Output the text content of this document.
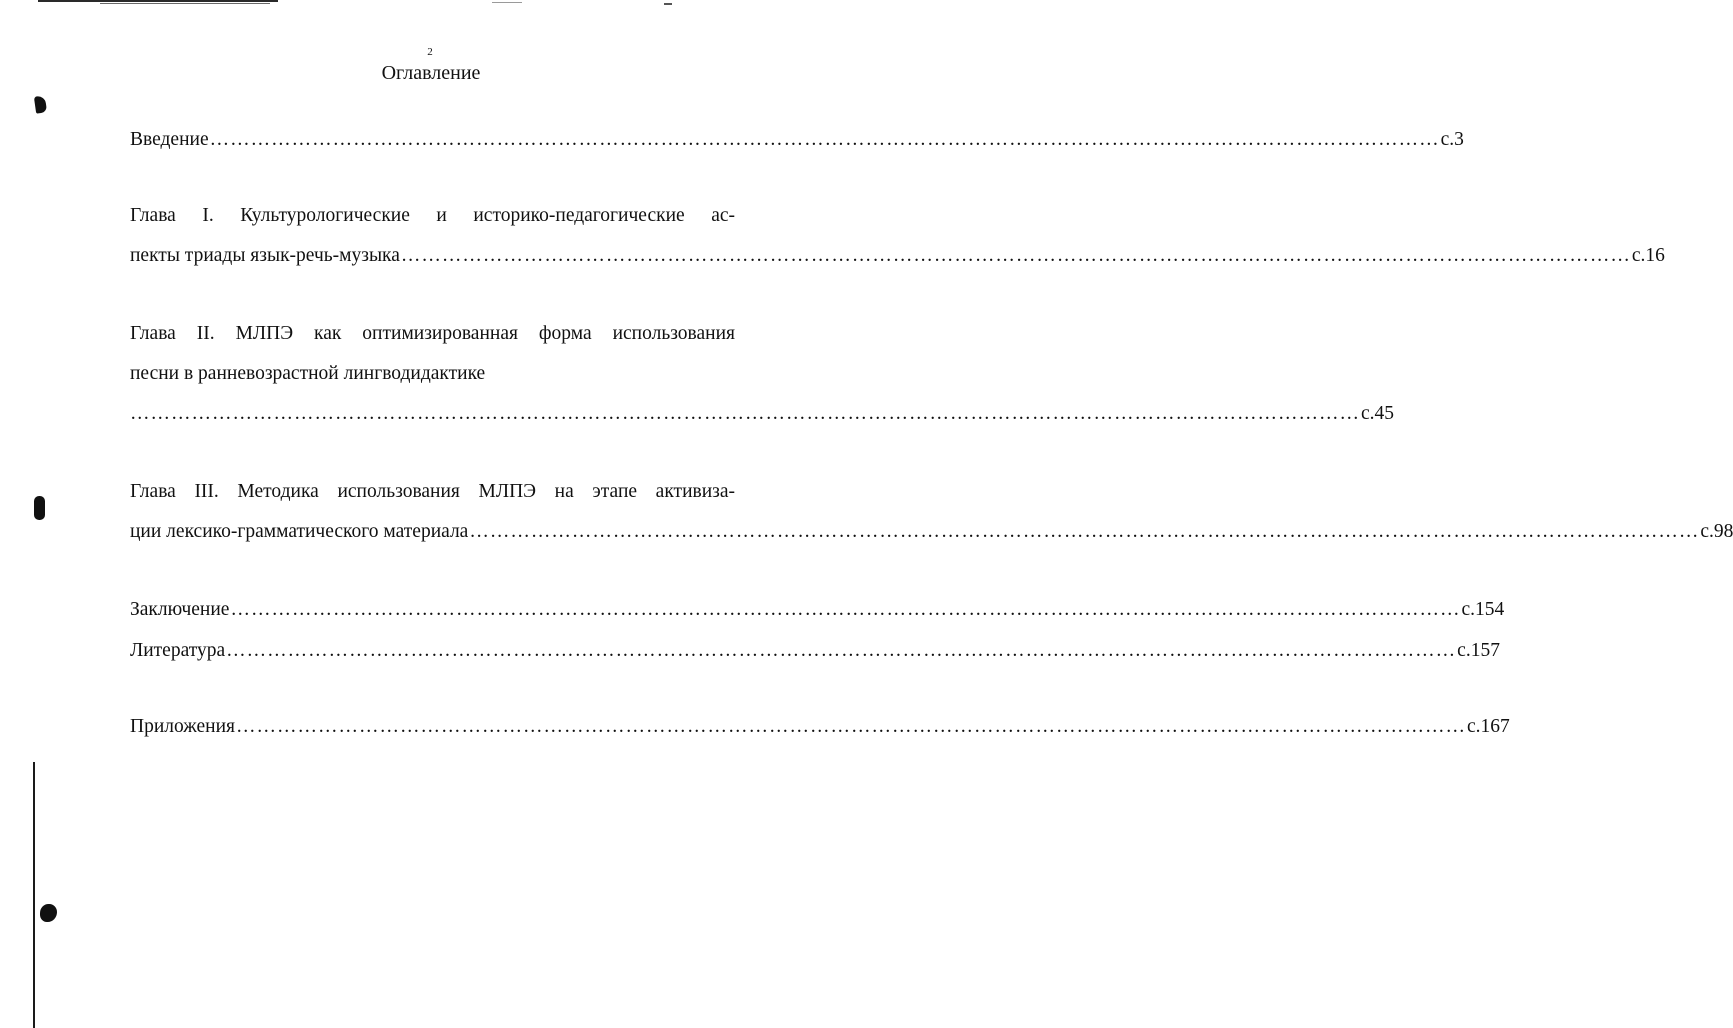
2
Оглавление
Введение ……………………………………………………………………………………………………………………………………………………………… с.3
Глава I. Культурологические и историко-педагогические ас-
пекты триады язык-речь-музыка ……………………………………………………………………………………………………………………………………………………………… с.16
Глава II. МЛПЭ как оптимизированная форма использования
песни в ранневозрастной лингводидактике
……………………………………………………………………………………………………………………………………………………………… с.45
Глава III. Методика использования МЛПЭ на этапе активиза-
ции лексико-грамматического материала ……………………………………………………………………………………………………………………………………………………………… с.98
Заключение ……………………………………………………………………………………………………………………………………………………………… с.154
Литература ……………………………………………………………………………………………………………………………………………………………… с.157
Приложения ……………………………………………………………………………………………………………………………………………………………… с.167
